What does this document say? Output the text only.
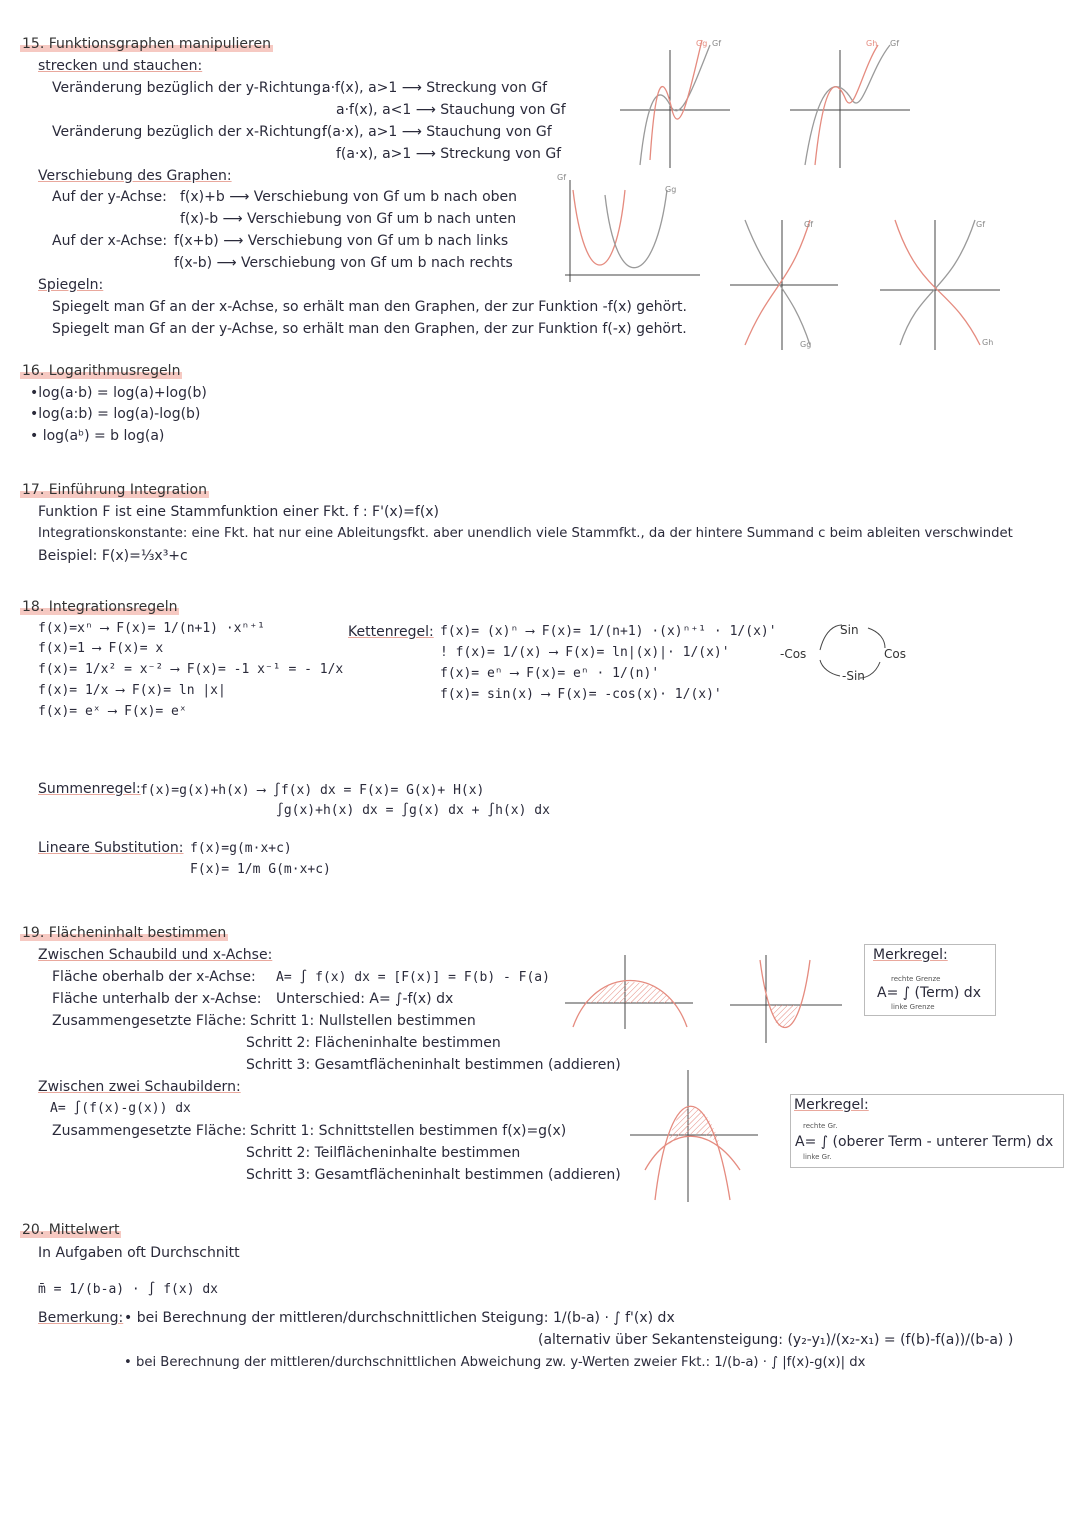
15. Funktionsgraphen manipulieren
strecken und stauchen:
Veränderung bezüglich der y-Richtung:
a·f(x), a>1 ⟶ Streckung von Gf
a·f(x), a<1 ⟶ Stauchung von Gf
Veränderung bezüglich der x-Richtung:
f(a·x), a>1 ⟶ Stauchung von Gf
f(a·x), a>1 ⟶ Streckung von Gf
Verschiebung des Graphen:
Auf der y-Achse: f(x)+b ⟶ Verschiebung von Gf um b nach oben
f(x)-b ⟶ Verschiebung von Gf um b nach unten
Auf der x-Achse: f(x+b) ⟶ Verschiebung von Gf um b nach links
f(x-b) ⟶ Verschiebung von Gf um b nach rechts
Spiegeln:
Spiegelt man Gf an der x-Achse, so erhält man den Graphen, der zur Funktion -f(x) gehört.
Spiegelt man Gf an der y-Achse, so erhält man den Graphen, der zur Funktion f(-x) gehört.
Gg Gf	Gh Gf
Gf
Gg
Gf
Gg
Gf
Gh
16. Logarithmusregeln
•log(a·b) = log(a)+log(b)
•log(a:b) = log(a)-log(b)
• log(aᵇ) = b log(a)
17. Einführung Integration
Funktion F ist eine Stammfunktion einer Fkt. f : F'(x)=f(x)
Integrationskonstante: eine Fkt. hat nur eine Ableitungsfkt. aber unendlich viele Stammfkt., da der hintere Summand c beim ableiten verschwindet
Beispiel: F(x)=⅓x³+c
18. Integrationsregeln
f(x)=xⁿ ⟶ F(x)= 1/(n+1) ·xⁿ⁺¹
f(x)=1 ⟶ F(x)= x
f(x)= 1/x² = x⁻² ⟶ F(x)= -1 x⁻¹ = - 1/x
f(x)= 1/x ⟶ F(x)= ln |x|
f(x)= eˣ ⟶ F(x)= eˣ
Kettenregel: f(x)= (x)ⁿ ⟶ F(x)= 1/(n+1) ·(x)ⁿ⁺¹ · 1/(x)'
! f(x)= 1/(x) ⟶ F(x)= ln|(x)|· 1/(x)'
f(x)= eⁿ ⟶ F(x)= eⁿ · 1/(n)'
f(x)= sin(x) ⟶ F(x)= -cos(x)· 1/(x)'
Sin
Cos
-Sin
-Cos
Summenregel: f(x)=g(x)+h(x) ⟶ ∫f(x) dx = F(x)= G(x)+ H(x)
∫g(x)+h(x) dx = ∫g(x) dx + ∫h(x) dx
Lineare Substitution: f(x)=g(m·x+c)
F(x)= 1/m G(m·x+c)
19. Flächeninhalt bestimmen
Zwischen Schaubild und x-Achse:
Fläche oberhalb der x-Achse: A= ∫ f(x) dx = [F(x)] = F(b) - F(a)
Fläche unterhalb der x-Achse: Unterschied: A= ∫-f(x) dx
Zusammengesetzte Fläche: Schritt 1: Nullstellen bestimmen
Schritt 2: Flächeninhalte bestimmen
Schritt 3: Gesamtflächeninhalt bestimmen (addieren)
Merkregel:
rechte Grenze
A= ∫ (Term) dx
linke Grenze
Zwischen zwei Schaubildern:
A= ∫(f(x)-g(x)) dx
Zusammengesetzte Fläche: Schritt 1: Schnittstellen bestimmen f(x)=g(x)
Schritt 2: Teilflächeninhalte bestimmen
Schritt 3: Gesamtflächeninhalt bestimmen (addieren)
Merkregel:
rechte Gr.
A= ∫ (oberer Term - unterer Term) dx
linke Gr.
20. Mittelwert
In Aufgaben oft Durchschnitt
m̄ = 1/(b-a) · ∫ f(x) dx
Bemerkung: • bei Berechnung der mittleren/durchschnittlichen Steigung: 1/(b-a) · ∫ f'(x) dx
(alternativ über Sekantensteigung: (y₂-y₁)/(x₂-x₁) = (f(b)-f(a))/(b-a) )
• bei Berechnung der mittleren/durchschnittlichen Abweichung zw. y-Werten zweier Fkt.: 1/(b-a) · ∫ |f(x)-g(x)| dx
